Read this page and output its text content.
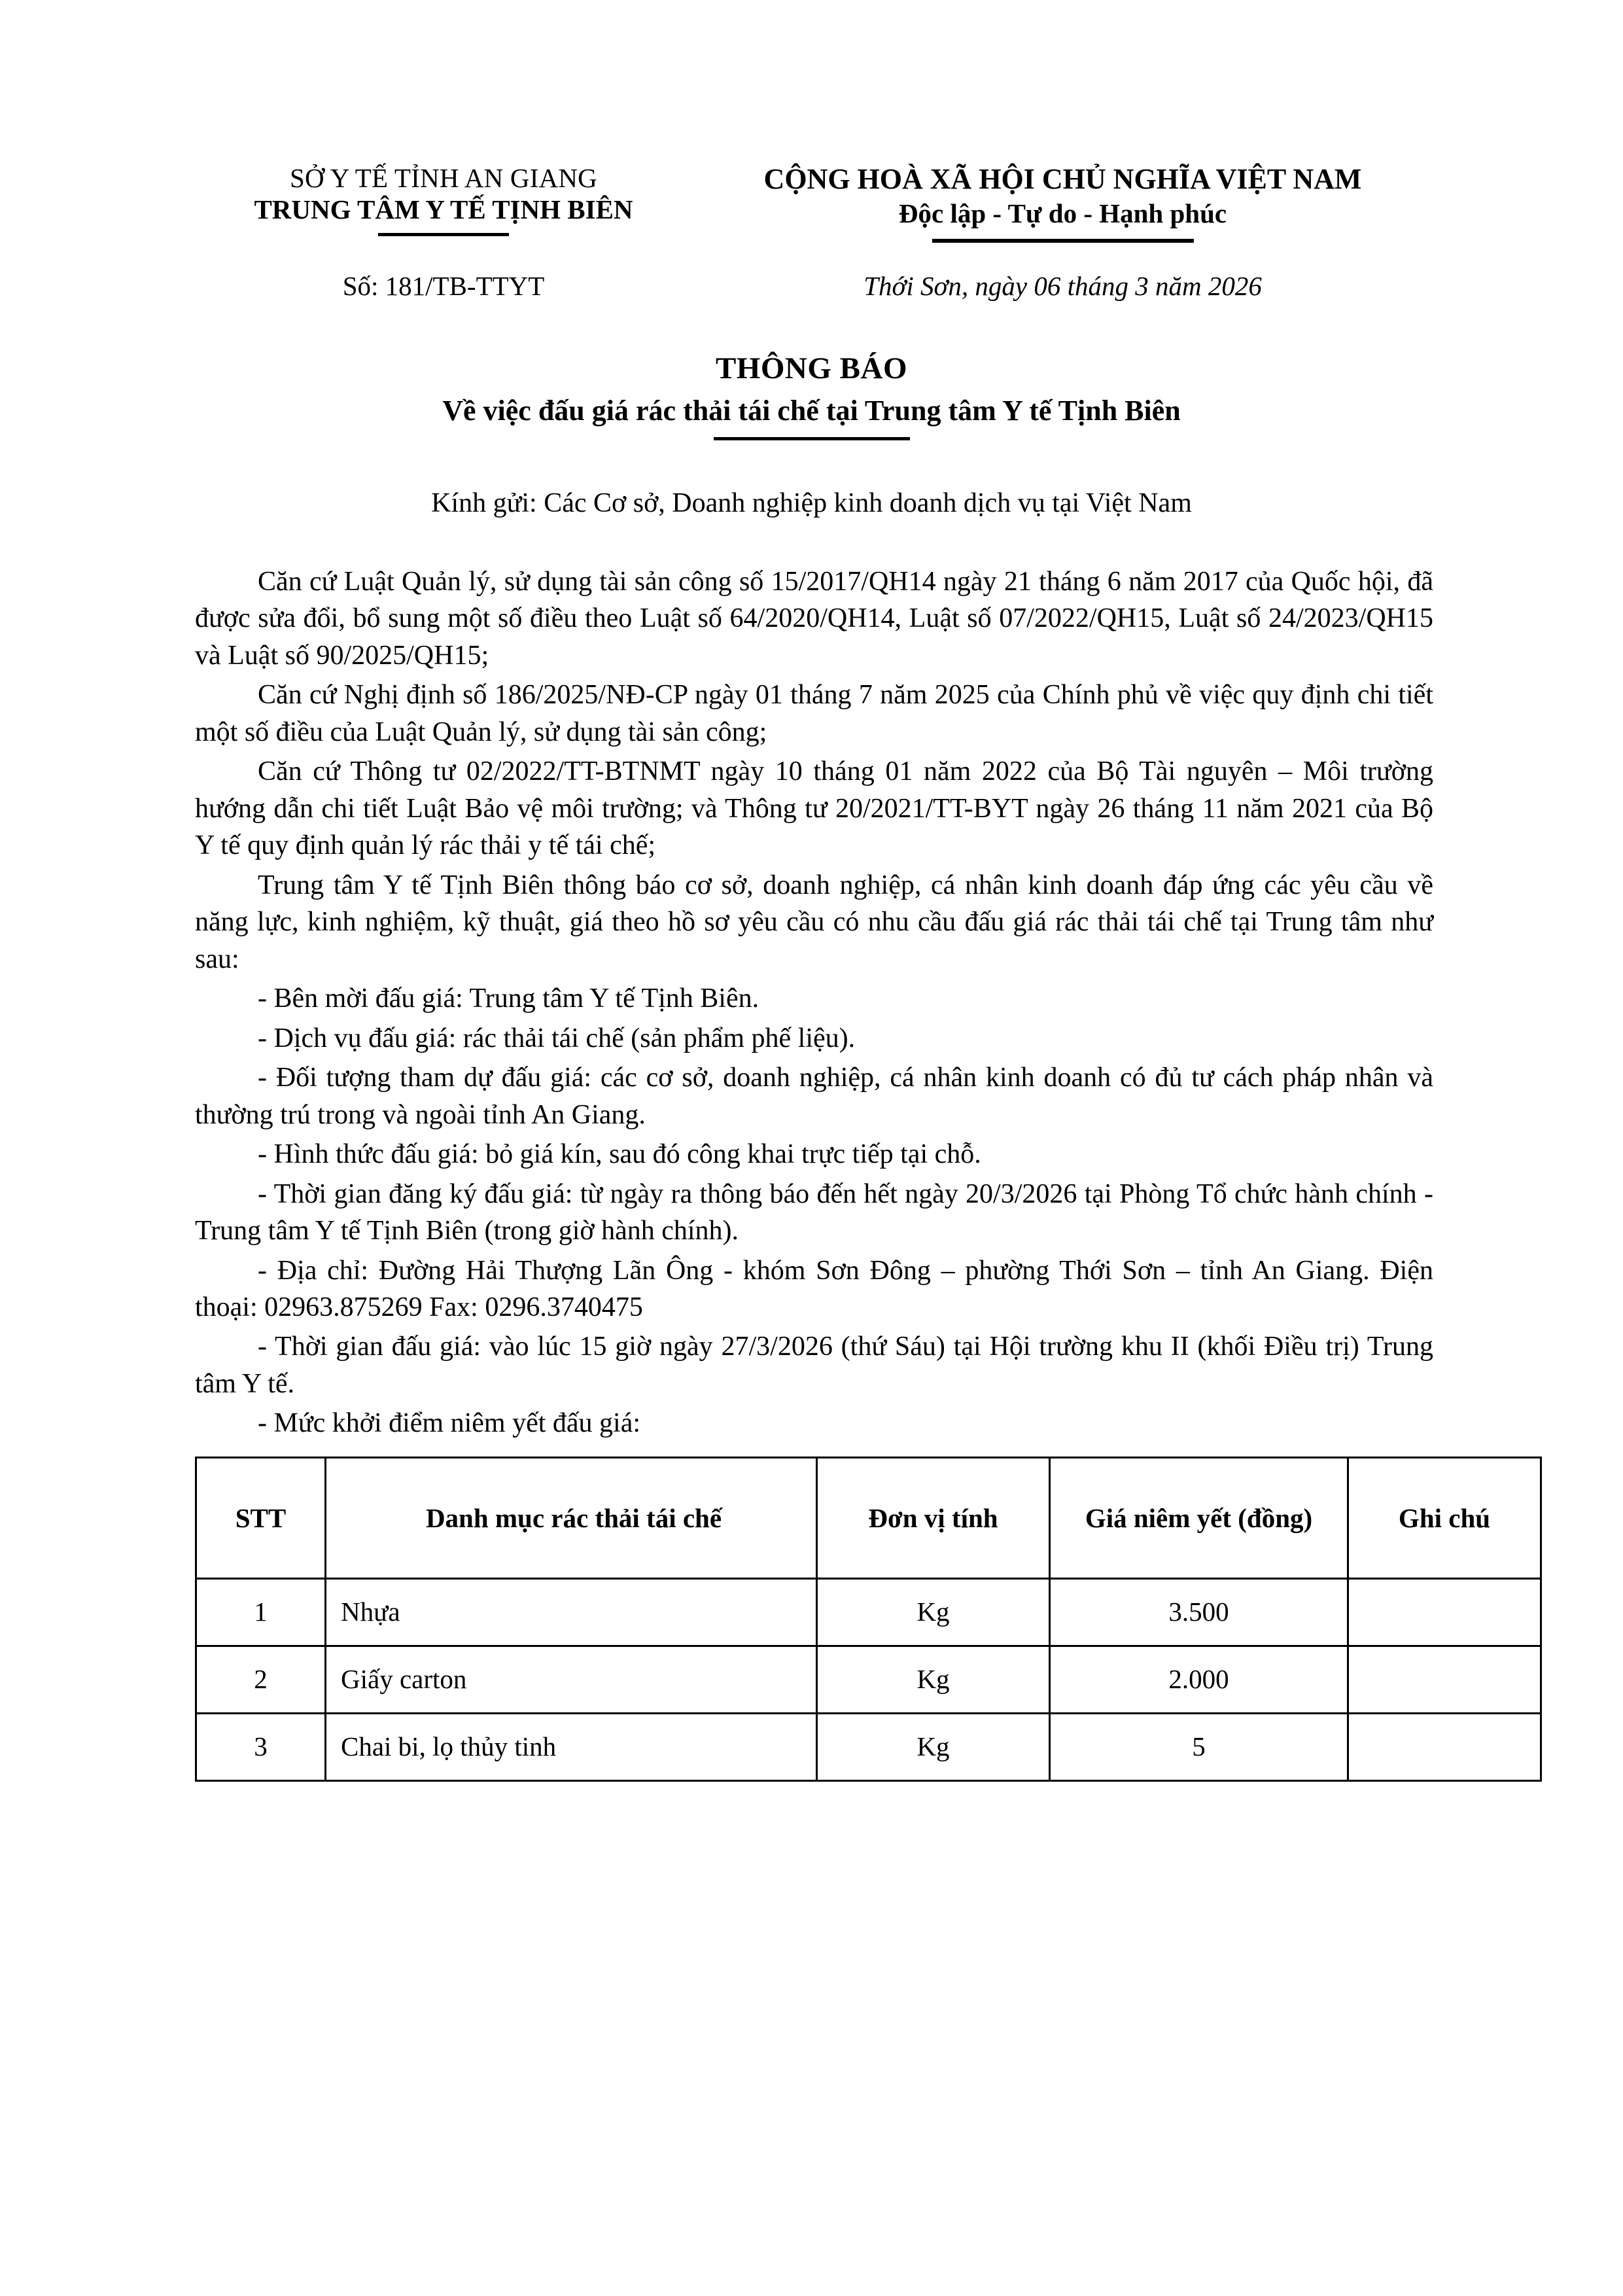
SỞ Y TẾ TỈNH AN GIANG
TRUNG TÂM Y TẾ TỊNH BIÊN
CỘNG HOÀ XÃ HỘI CHỦ NGHĨA VIỆT NAM
Độc lập - Tự do - Hạnh phúc
Số: 181/TB-TTYT	Thới Sơn, ngày 06 tháng 3 năm 2026
THÔNG BÁO
Về việc đấu giá rác thải tái chế tại Trung tâm Y tế Tịnh Biên
Kính gửi: Các Cơ sở, Doanh nghiệp kinh doanh dịch vụ tại Việt Nam

Căn cứ Luật Quản lý, sử dụng tài sản công số 15/2017/QH14 ngày 21 tháng 6 năm 2017 của Quốc hội, đã được sửa đổi, bổ sung một số điều theo Luật số 64/2020/QH14, Luật số 07/2022/QH15, Luật số 24/2023/QH15 và Luật số 90/2025/QH15;

Căn cứ Nghị định số 186/2025/NĐ-CP ngày 01 tháng 7 năm 2025 của Chính phủ về việc quy định chi tiết một số điều của Luật Quản lý, sử dụng tài sản công;

Căn cứ Thông tư 02/2022/TT-BTNMT ngày 10 tháng 01 năm 2022 của Bộ Tài nguyên – Môi trường hướng dẫn chi tiết Luật Bảo vệ môi trường; và Thông tư 20/2021/TT-BYT ngày 26 tháng 11 năm 2021 của Bộ Y tế quy định quản lý rác thải y tế tái chế;

Trung tâm Y tế Tịnh Biên thông báo cơ sở, doanh nghiệp, cá nhân kinh doanh đáp ứng các yêu cầu về năng lực, kinh nghiệm, kỹ thuật, giá theo hồ sơ yêu cầu có nhu cầu đấu giá rác thải tái chế tại Trung tâm như sau:

- Bên mời đấu giá: Trung tâm Y tế Tịnh Biên.

- Dịch vụ đấu giá: rác thải tái chế (sản phẩm phế liệu).

- Đối tượng tham dự đấu giá: các cơ sở, doanh nghiệp, cá nhân kinh doanh có đủ tư cách pháp nhân và thường trú trong và ngoài tỉnh An Giang.

- Hình thức đấu giá: bỏ giá kín, sau đó công khai trực tiếp tại chỗ.

- Thời gian đăng ký đấu giá: từ ngày ra thông báo đến hết ngày 20/3/2026 tại Phòng Tổ chức hành chính - Trung tâm Y tế Tịnh Biên (trong giờ hành chính).

- Địa chỉ: Đường Hải Thượng Lãn Ông - khóm Sơn Đông – phường Thới Sơn – tỉnh An Giang. Điện thoại: 02963.875269 Fax: 0296.3740475

- Thời gian đấu giá: vào lúc 15 giờ ngày 27/3/2026 (thứ Sáu) tại Hội trường khu II (khối Điều trị) Trung tâm Y tế.

- Mức khởi điểm niêm yết đấu giá:

STT	Danh mục rác thải tái chế	Đơn vị tính	Giá niêm yết (đồng)	Ghi chú
1	Nhựa	Kg	3.500	
2	Giấy carton	Kg	2.000	
3	Chai bi, lọ thủy tinh	Kg	5	
